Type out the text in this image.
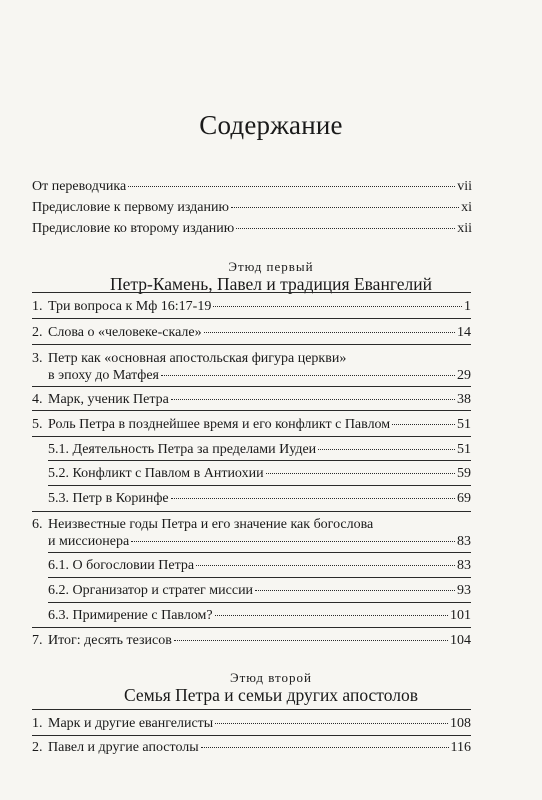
Содержание
От переводчика	vii
Предисловие к первому изданию	xi
Предисловие ко второму изданию	xii
Этюд первый
Петр-Камень, Павел и традиция Евангелий
1. Три вопроса к Мф 16:17-19	1
2. Слова о «человеке-скале»	14
3. Петр как «основная апостольская фигура церкви»
в эпоху до Матфея	29
4. Марк, ученик Петра	38
5. Роль Петра в позднейшее время и его конфликт с Павлом	51
5.1. Деятельность Петра за пределами Иудеи	51
5.2. Конфликт с Павлом в Антиохии	59
5.3. Петр в Коринфе	69
6. Неизвестные годы Петра и его значение как богослова
и миссионера	83
6.1. О богословии Петра	83
6.2. Организатор и стратег миссии	93
6.3. Примирение с Павлом?	101
7. Итог: десять тезисов	104
Этюд второй
Семья Петра и семьи других апостолов
1. Марк и другие евангелисты	108
2. Павел и другие апостолы	116
